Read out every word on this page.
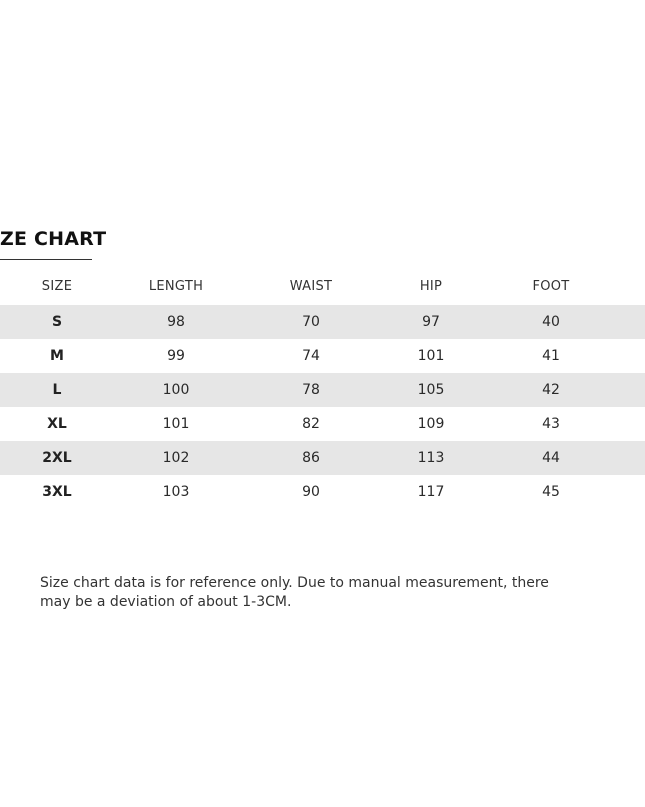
ZE CHART
SIZE	LENGTH	WAIST	HIP	FOOT
S	98	70	97	40
M	99	74	101	41
L	100	78	105	42
XL	101	82	109	43
2XL	102	86	113	44
3XL	103	90	117	45
Size chart data is for reference only. Due to manual measurement, there may be a deviation of about 1-3CM.
